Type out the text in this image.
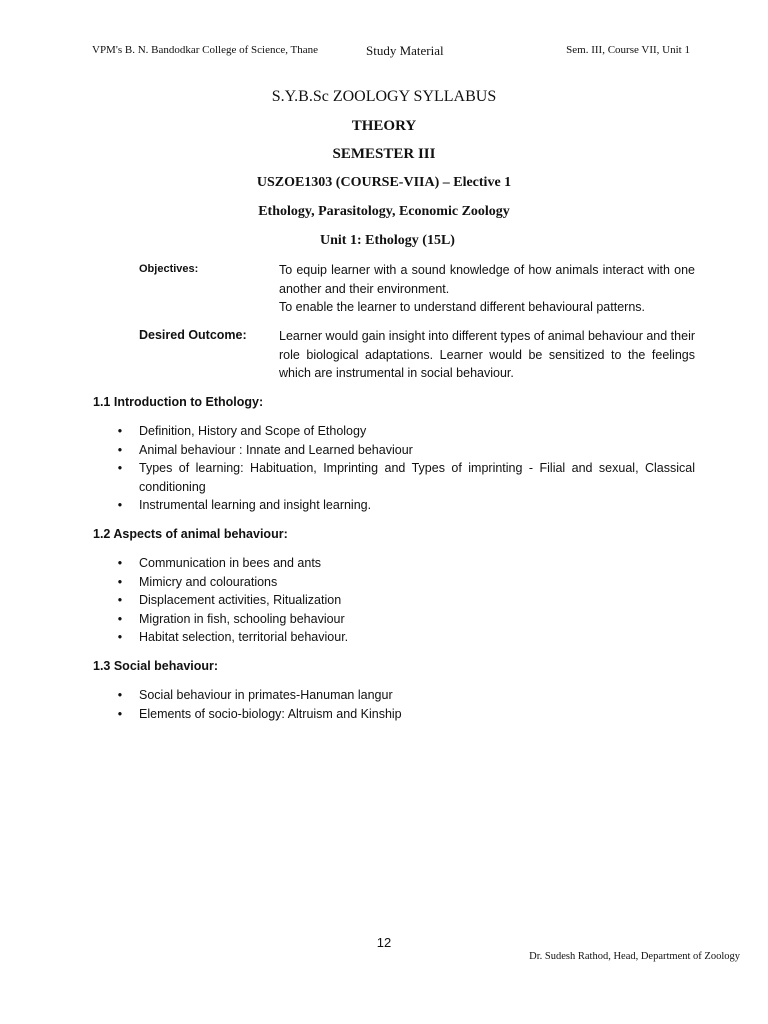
VPM's B. N. Bandodkar College of Science, Thane	Study Material	Sem. III, Course VII, Unit 1
S.Y.B.Sc ZOOLOGY SYLLABUS
THEORY
SEMESTER III
USZOE1303 (COURSE-VIIA) – Elective 1
Ethology, Parasitology, Economic Zoology
Unit 1: Ethology (15L)
Objectives:	To equip learner with a sound knowledge of how animals interact with one another and their environment.

To enable the learner to understand different behavioural patterns.

Desired Outcome:	Learner would gain insight into different types of animal behaviour and their role biological adaptations. Learner would be sensitized to the feelings which are instrumental in social behaviour.
1.1 Introduction to Ethology:
• Definition, History and Scope of Ethology
• Animal behaviour : Innate and Learned behaviour
• Types of learning: Habituation, Imprinting and Types of imprinting - Filial and sexual, Classical conditioning
• Instrumental learning and insight learning.
1.2 Aspects of animal behaviour:
• Communication in bees and ants
• Mimicry and colourations
• Displacement activities, Ritualization
• Migration in fish, schooling behaviour
• Habitat selection, territorial behaviour.
1.3 Social behaviour:
• Social behaviour in primates-Hanuman langur
• Elements of socio-biology: Altruism and Kinship
12
Dr. Sudesh Rathod, Head, Department of Zoology
